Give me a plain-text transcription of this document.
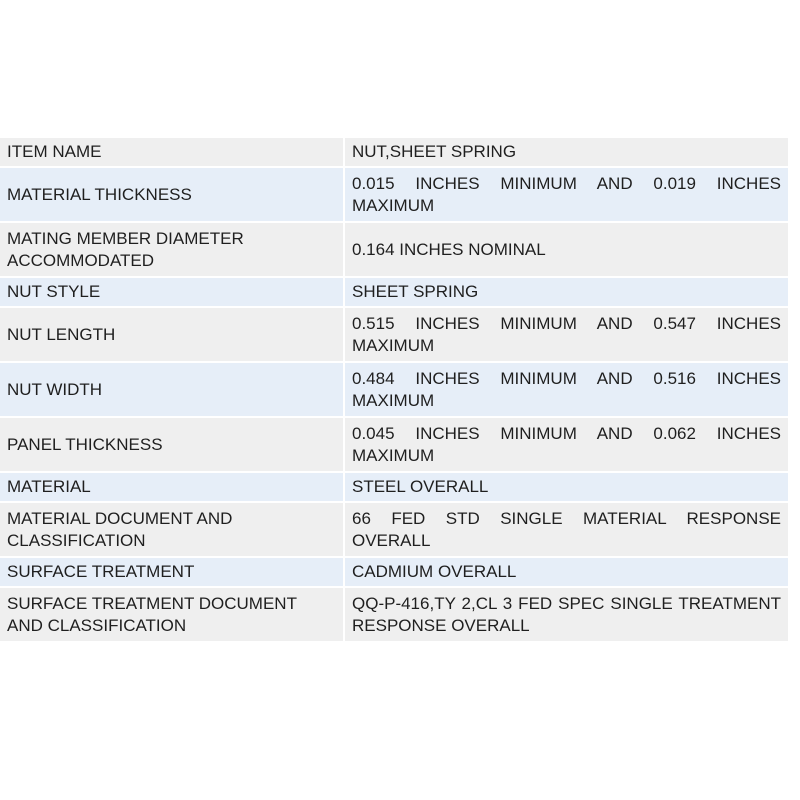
ITEM NAME	NUT,SHEET SPRING
MATERIAL THICKNESS	0.015 INCHES MINIMUM AND 0.019 INCHES MAXIMUM
MATING MEMBER DIAMETER ACCOMMODATED	0.164 INCHES NOMINAL
NUT STYLE	SHEET SPRING
NUT LENGTH	0.515 INCHES MINIMUM AND 0.547 INCHES MAXIMUM
NUT WIDTH	0.484 INCHES MINIMUM AND 0.516 INCHES MAXIMUM
PANEL THICKNESS	0.045 INCHES MINIMUM AND 0.062 INCHES MAXIMUM
MATERIAL	STEEL OVERALL
MATERIAL DOCUMENT AND CLASSIFICATION	66 FED STD SINGLE MATERIAL RESPONSE OVERALL
SURFACE TREATMENT	CADMIUM OVERALL
SURFACE TREATMENT DOCUMENT AND CLASSIFICATION	QQ-P-416,TY 2,CL 3 FED SPEC SINGLE TREATMENT RESPONSE OVERALL
